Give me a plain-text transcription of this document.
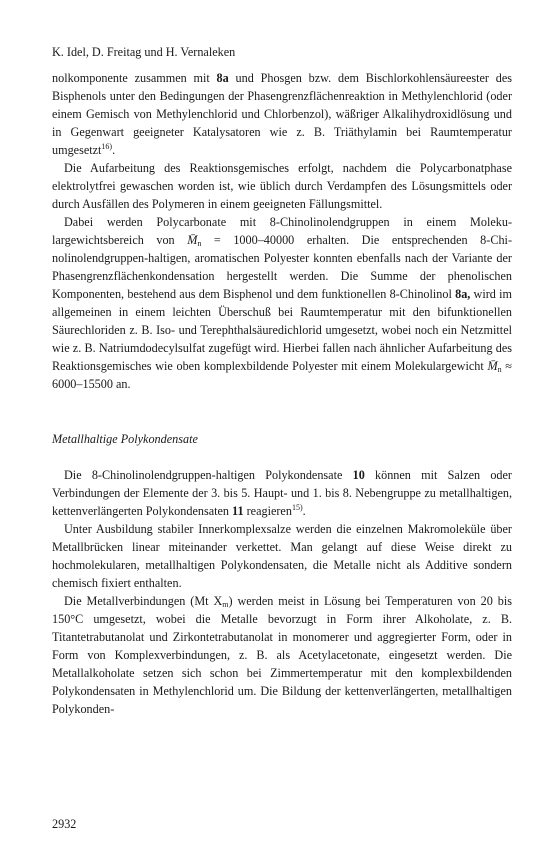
K. Idel, D. Freitag und H. Vernaleken

nolkomponente zusammen mit 8a und Phosgen bzw. dem Bischlorkohlensäureester des Bisphenols unter den Bedingungen der Phasengrenzflächenreaktion in Methylenchlorid (oder einem Gemisch von Methylenchlorid und Chlorbenzol), wäßriger Alkalihydroxidlösung und in Gegenwart geeigneter Katalysatoren wie z. B. Triäthylamin bei Raumtemperatur umgesetzt$^{16)}$.

Die Aufarbeitung des Reaktionsgemisches erfolgt, nachdem die Polycarbonatphase elektrolytfrei gewaschen worden ist, wie üblich durch Verdampfen des Lösungsmittels oder durch Ausfällen des Polymeren in einem geeigneten Fällungsmittel.

Dabei werden Polycarbonate mit 8-Chinolinolendgruppen in einem Molekulargewichtsbereich von $M̄_n = 1000-40000$ erhalten. Die entsprechenden 8-Chinolinolendgruppen-haltigen, aromatischen Polyester konnten ebenfalls nach der Variante der Phasengrenzflächenkondensation hergestellt werden. Die Summe der phenolischen Komponenten, bestehend aus dem Bisphenol und dem funktionellen 8-Chinolinol 8a, wird im allgemeinen in einem leichten Überschuß bei Raumtemperatur mit den bifunktionellen Säurechloriden z. B. Iso- und Terephthalsäuredichlorid umgesetzt, wobei noch ein Netzmittel wie z. B. Natriumdodecylsulfat zugefügt wird. Hierbei fallen nach ähnlicher Aufarbeitung des Reaktionsgemisches wie oben komplexbildende Polyester mit einem Molekulargewicht $M̄_n \approx 6000-15500$ an.

Metallhaltige Polykondensate

Die 8-Chinolinolendgruppen-haltigen Polykondensate 10 können mit Salzen oder Verbindungen der Elemente der 3. bis 5. Haupt- und 1. bis 8. Nebengruppe zu metallhaltigen, kettenverlängerten Polykondensaten 11 reagieren$^{15)}$.

Unter Ausbildung stabiler Innerkomplexsalze werden die einzelnen Makromoleküle über Metallbrücken linear miteinander verkettet. Man gelangt auf diese Weise direkt zu hochmolekularen, metallhaltigen Polykondensaten, die Metalle nicht als Additive sondern chemisch fixiert enthalten.

Die Metallverbindungen (Mt $X_m$) werden meist in Lösung bei Temperaturen von 20 bis 150°C umgesetzt, wobei die Metalle bevorzugt in Form ihrer Alkoholate, z. B. Titantetrabutanolat und Zirkontetrabutanolat in monomerer und aggregierter Form, oder in Form von Komplexverbindungen, z. B. als Acetylacetonate, eingesetzt werden. Die Metallalkoholate setzen sich schon bei Zimmertemperatur mit den komplexbildenden Polykondensaten in Methylenchlorid um. Die Bildung der kettenverlängerten, metallhaltigen Polykonden-

2932
